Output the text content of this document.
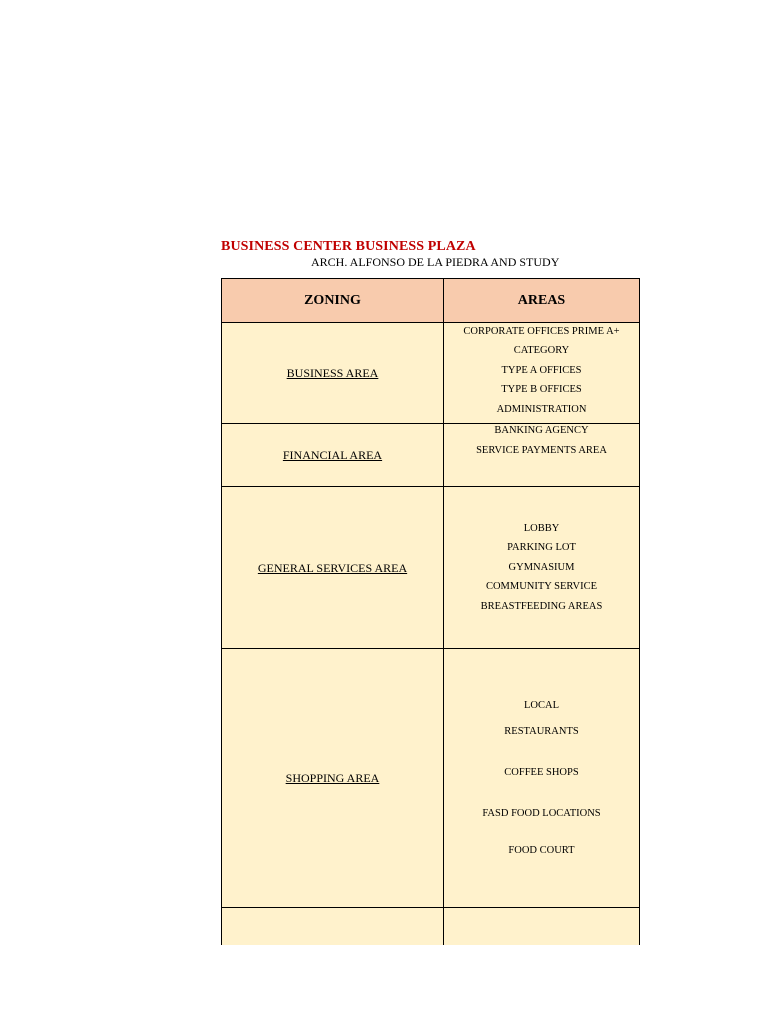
BUSINESS CENTER BUSINESS PLAZA
ARCH. ALFONSO DE LA PIEDRA AND STUDY
ZONING	AREAS
BUSINESS AREA	CORPORATE OFFICES PRIME A+
CATEGORY
TYPE A OFFICES
TYPE B OFFICES
ADMINISTRATION

FINANCIAL AREA	BANKING AGENCY
SERVICE PAYMENTS AREA

GENERAL SERVICES AREA	LOBBY
PARKING LOT
GYMNASIUM
COMMUNITY SERVICE
BREASTFEEDING AREAS

SHOPPING AREA	LOCAL
RESTAURANTS
COFFEE SHOPS
FASD FOOD LOCATIONS
FOOD COURT
